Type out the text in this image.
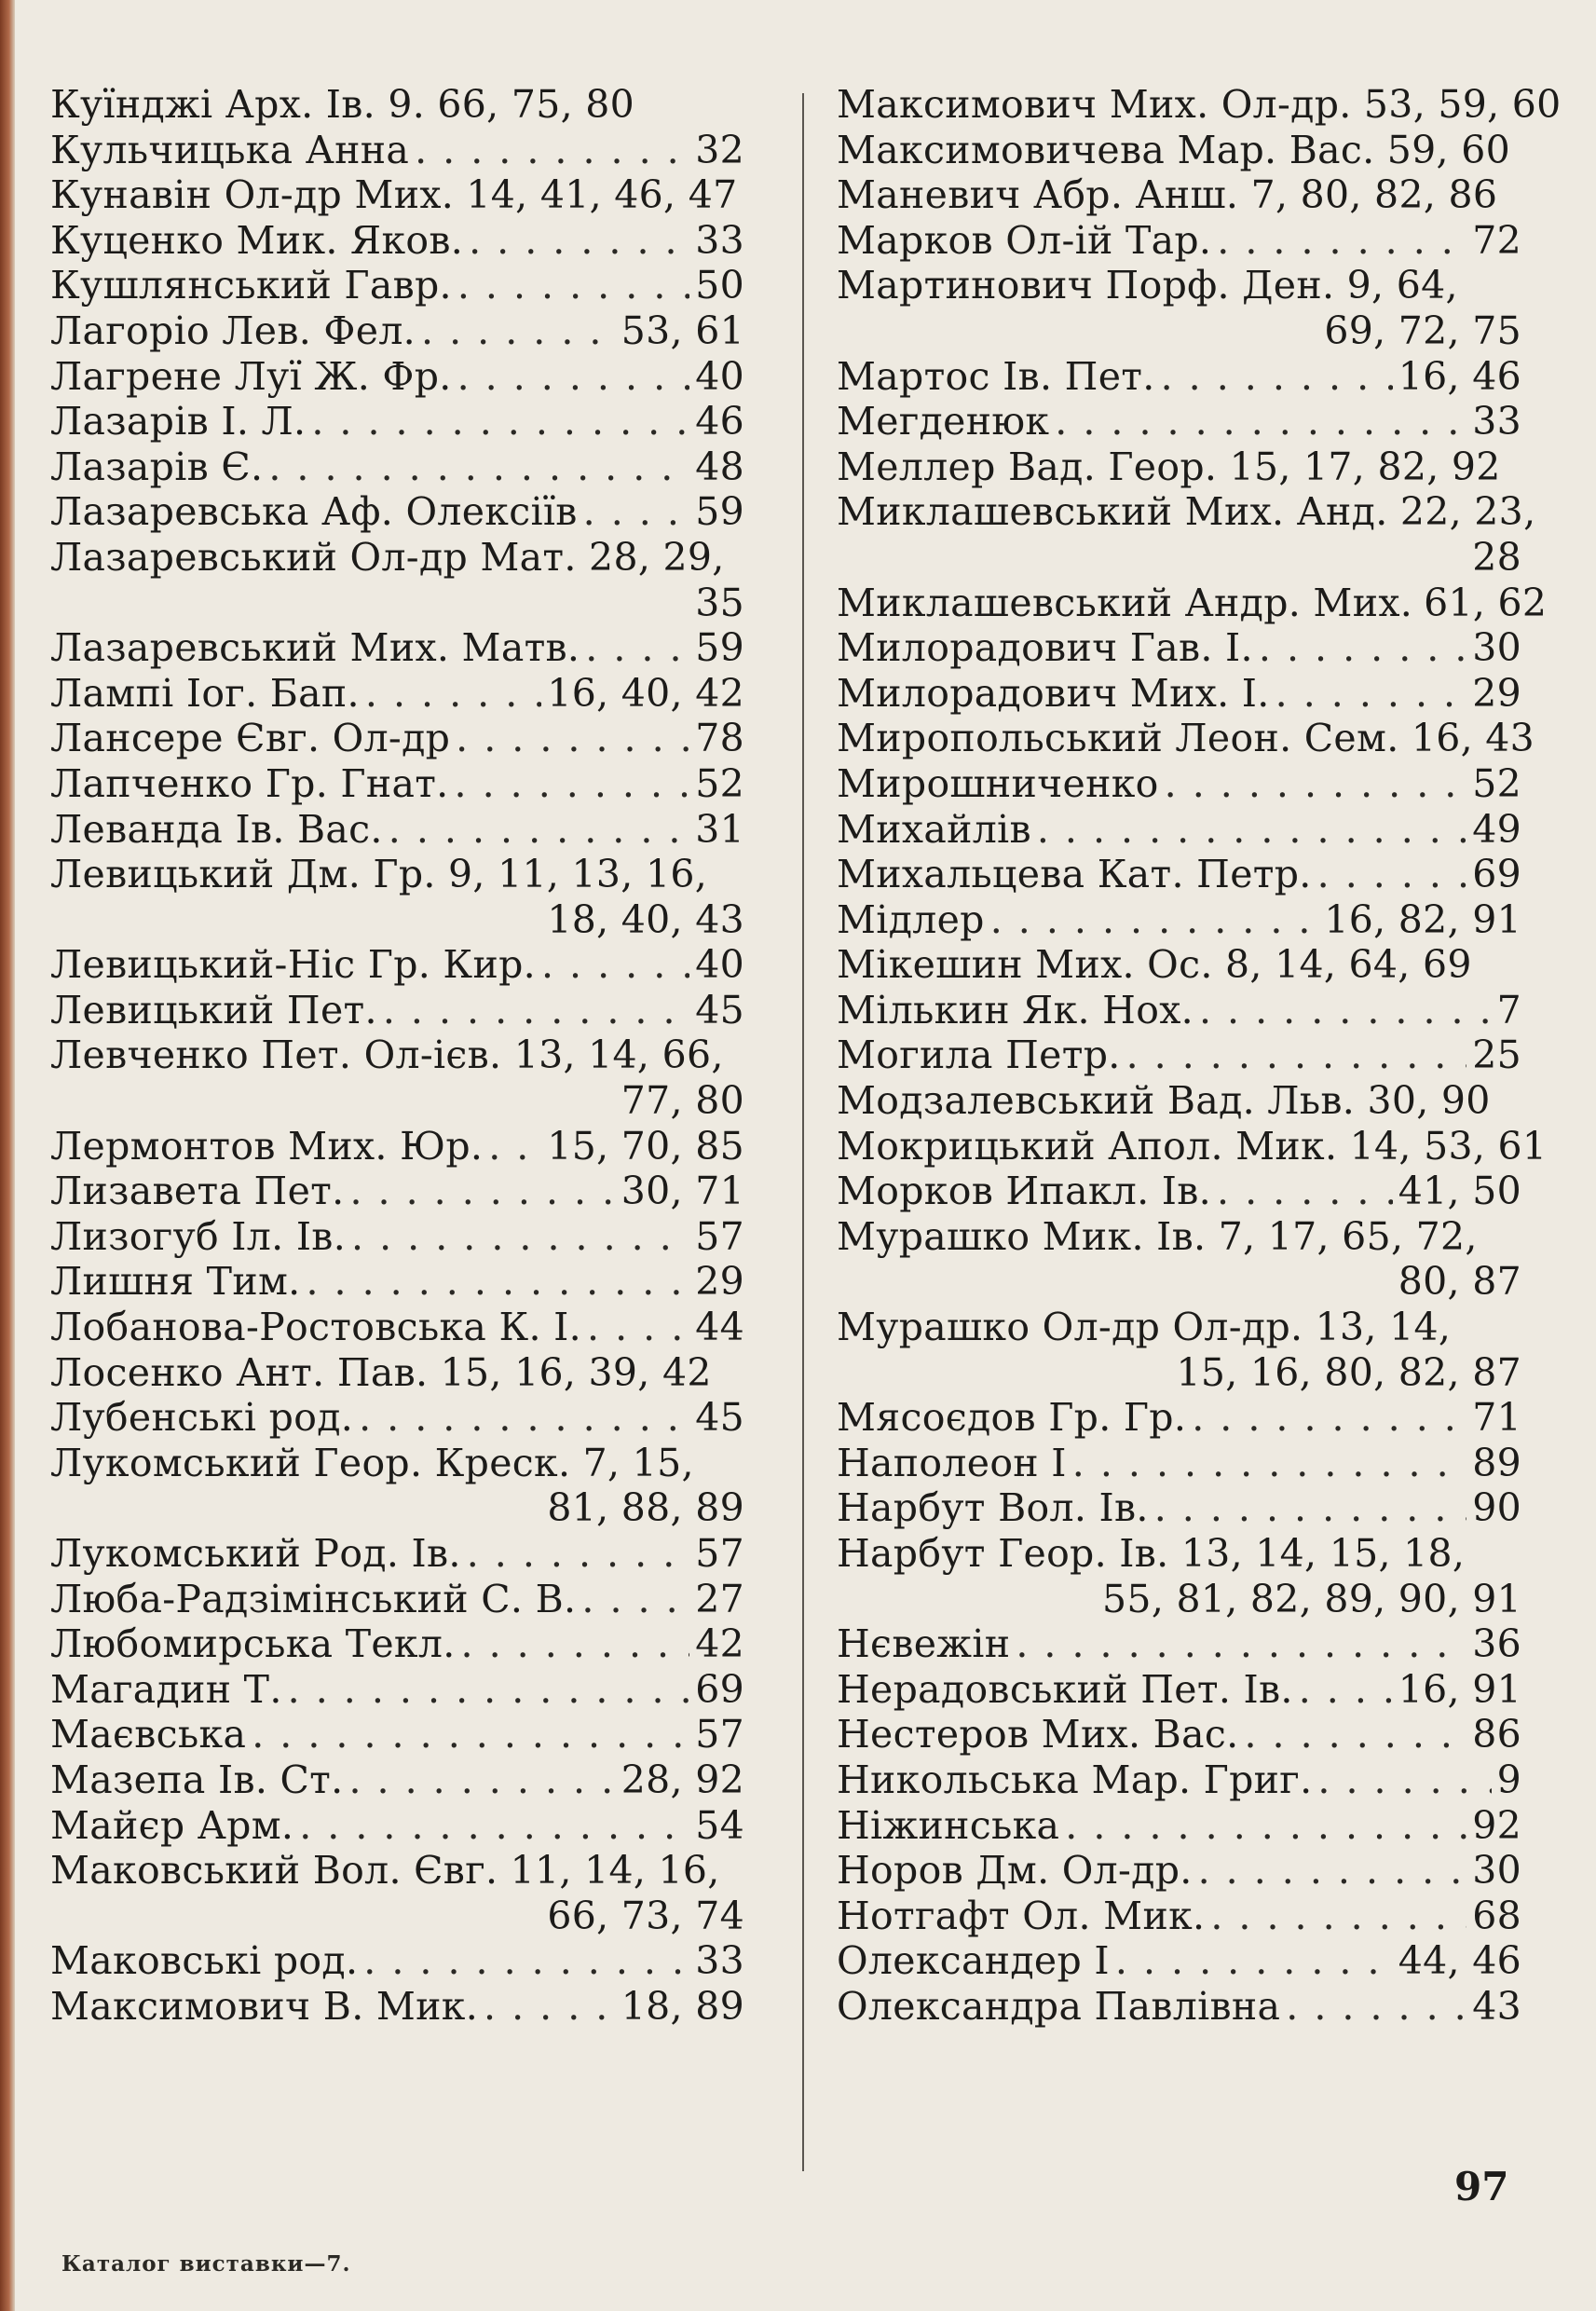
Куїнджі Арх. Ів. 9. 66, 75, 80
Кульчицька Анна . . .	32
Кунавін Ол-др Мих. 14, 41, 46, 47
Куценко Мик. Яков. . . .	33
Кушлянський Гавр. . . .	50
Лагоріо Лев. Фел. . . .	53, 61
Лагрене Луї Ж. Фр. . . .	40
Лазарів І. Л. . . .	46
Лазарів Є. . . .	48
Лазаревська Аф. Олексіїв . . .	59
Лазаревський Ол-др Мат. 28, 29,
35
Лазаревський Мих. Матв. . . .	59
Лампі Іог. Бап. . . .	16, 40, 42
Лансере Євг. Ол-др . . .	78
Лапченко Гр. Гнат. . . .	52
Леванда Ів. Вас. . . .	31
Левицький Дм. Гр. 9, 11, 13, 16,
18, 40, 43
Левицький-Ніс Гр. Кир. . . .	40
Левицький Пет. . . .	45
Левченко Пет. Ол-ієв. 13, 14, 66,
77, 80
Лермонтов Мих. Юр. . . . 15, 70, 85
Лизавета Пет. . . .	30, 71
Лизогуб Іл. Ів. . . .	57
Лишня Тим. . . .	29
Лобанова-Ростовська К. І. . . .	44
Лосенко Ант. Пав. 15, 16, 39, 42
Лубенські род. . . .	45
Лукомський Геор. Креск. 7, 15,
81, 88, 89
Лукомський Род. Ів. . . .	57
Люба-Радзімінський С. В. . . .	27
Любомирська Текл. . . .	42
Магадин Т. . . .	69
Маєвська . . .	57
Мазепа Ів. Ст. . . .	28, 92
Майєр Арм. . . .	54
Маковський Вол. Євг. 11, 14, 16,
66, 73, 74
Маковські род. . . .	33
Максимович В. Мик. . . .	18, 89
Максимович Мих. Ол-др. 53, 59, 60
Максимовичева Мар. Вас. 59, 60
Маневич Абр. Анш. 7, 80, 82, 86
Марков Ол-ій Тар. . . .	72
Мартинович Порф. Ден. 9, 64,
69, 72, 75
Мартос Ів. Пет. . . .	16, 46
Мегденюк . . .	33
Меллер Вад. Геор. 15, 17, 82, 92
Миклашевський Мих. Анд. 22, 23,
28
Миклашевський Андр. Мих. 61, 62
Милорадович Гав. І. . . .	30
Милорадович Мих. І. . . .	29
Миропольський Леон. Сем. 16, 43
Мирошниченко . . .	52
Михайлів . . .	49
Михальцева Кат. Петр. . . .	69
Мідлер . . .	16, 82, 91
Мікешин Мих. Ос. 8, 14, 64, 69
Мількин Як. Нох. . . .	7
Могила Петр. . . .	25
Модзалевський Вад. Льв. 30, 90
Мокрицький Апол. Мик. 14, 53, 61
Морков Ипакл. Ів. . . .	41, 50
Мурашко Мик. Ів. 7, 17, 65, 72,
80, 87
Мурашко Ол-др Ол-др. 13, 14,
15, 16, 80, 82, 87
Мясоєдов Гр. Гр. . . .	71
Наполеон І . . .	89
Нарбут Вол. Ів. . . .	90
Нарбут Геор. Ів. 13, 14, 15, 18,
55, 81, 82, 89, 90, 91
Нєвежін . . .	36
Нерадовський Пет. Ів. . . .	16, 91
Нестеров Мих. Вас. . . .	86
Никольська Мар. Григ. . . .	9
Ніжинська . . .	92
Норов Дм. Ол-др. . . .	30
Нотгафт Ол. Мик. . . .	68
Олександер І . . .	44, 46
Олександра Павлівна . . .	43
97
Каталог виставки—7.
